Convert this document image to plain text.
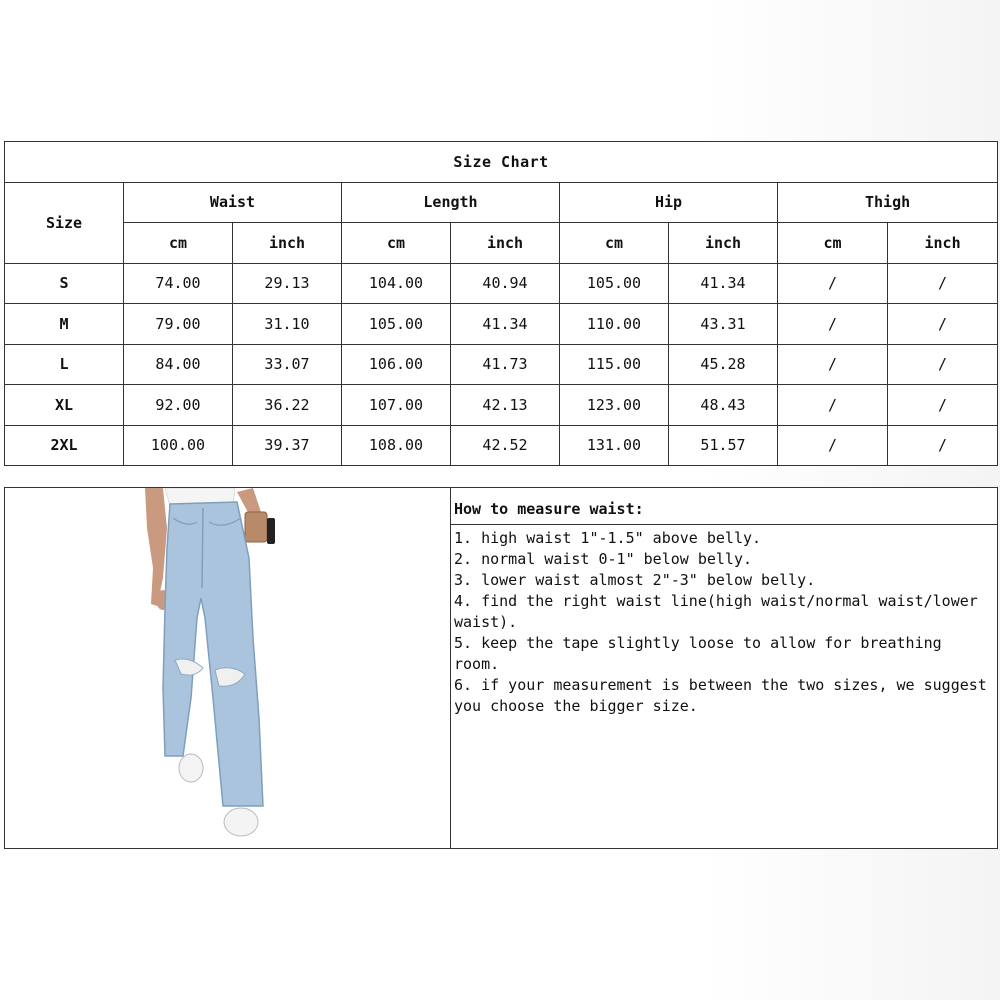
Size Chart								
Size	Waist		Length		Hip		Thigh	
	cm	inch	cm	inch	cm	inch	cm	inch
S	74.00	29.13	104.00	40.94	105.00	41.34	/	/
M	79.00	31.10	105.00	41.34	110.00	43.31	/	/
L	84.00	33.07	106.00	41.73	115.00	45.28	/	/
XL	92.00	36.22	107.00	42.13	123.00	48.43	/	/
2XL	100.00	39.37	108.00	42.52	131.00	51.57	/	/
How to measure waist:
1. high waist 1"-1.5" above belly.
2. normal waist 0-1" below belly.
3. lower waist almost 2"-3" below belly.
4. find the right waist line(high waist/normal waist/lower waist).
5. keep the tape slightly loose to allow for breathing room.
6. if your measurement is between the two sizes, we suggest you choose the bigger size.
